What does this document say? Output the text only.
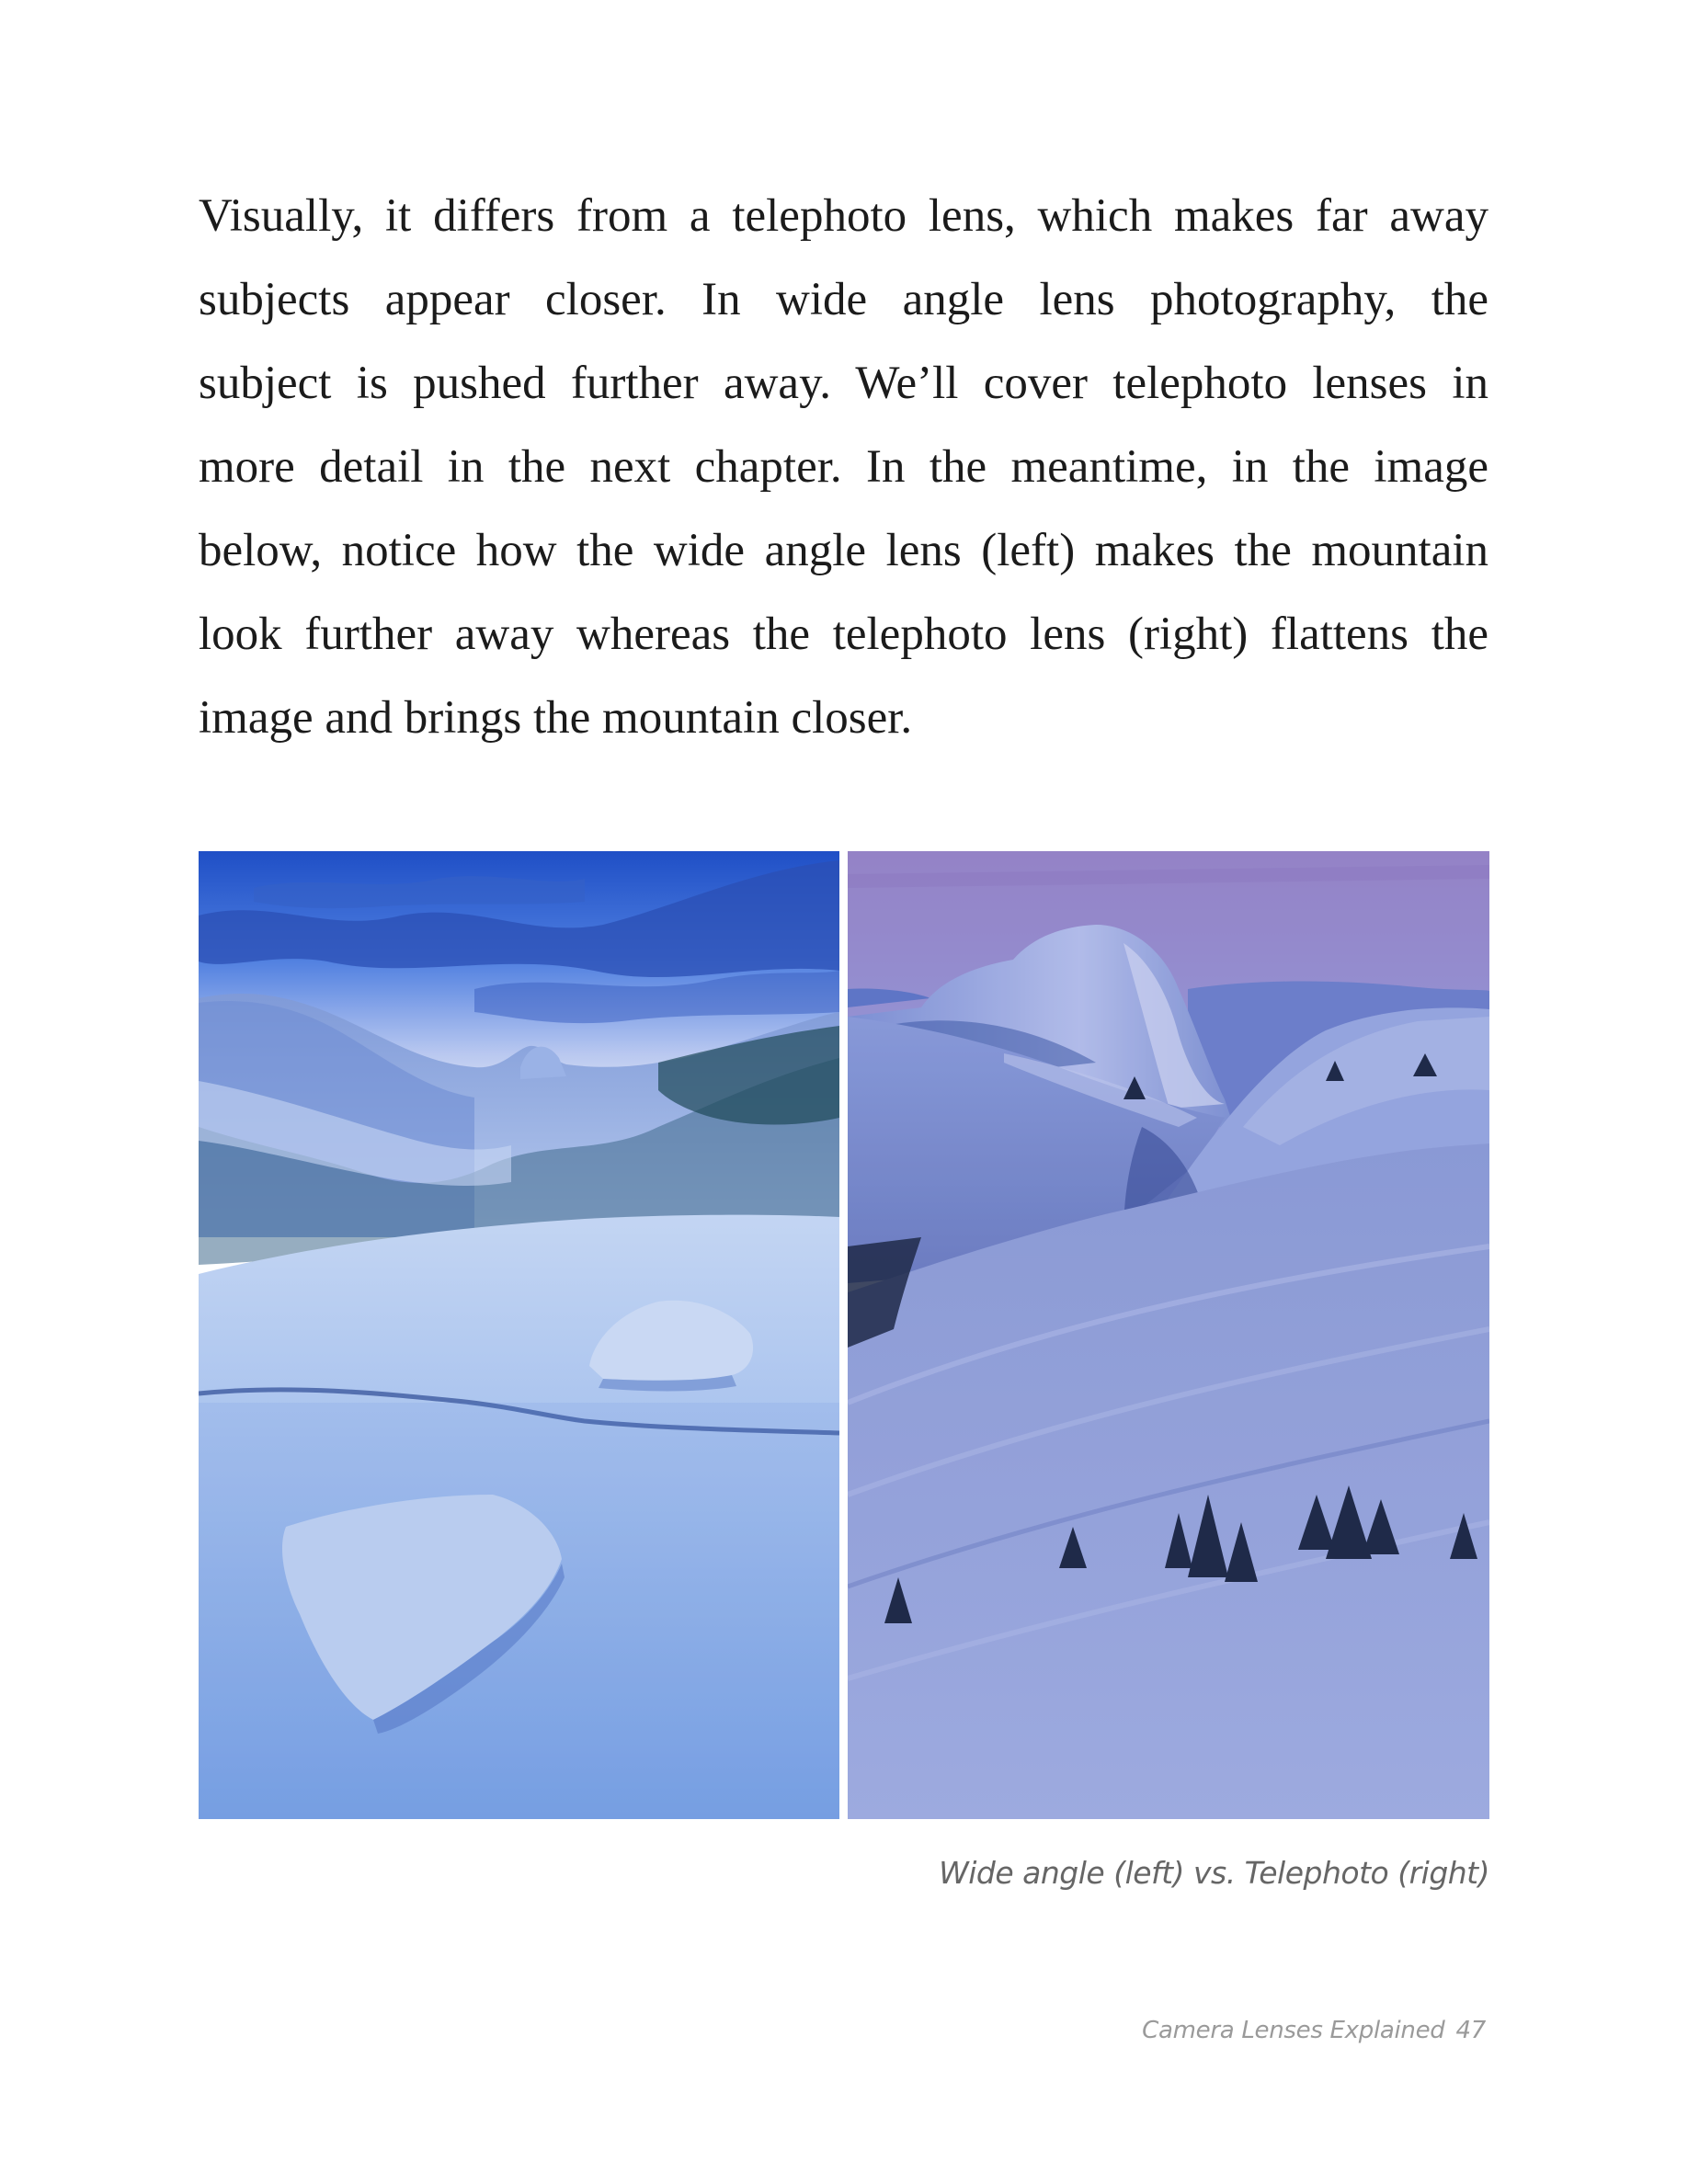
Visually, it differs from a telephoto lens, which makes far away
subjects appear closer. In wide angle lens photography, the
subject is pushed further away. We’ll cover telephoto lenses in
more detail in the next chapter. In the meantime, in the image
below, notice how the wide angle lens (left) makes the mountain
look further away whereas the telephoto lens (right) flattens the
image and brings the mountain closer.
Wide angle (left) vs. Telephoto (right)
Camera Lenses Explained 47
